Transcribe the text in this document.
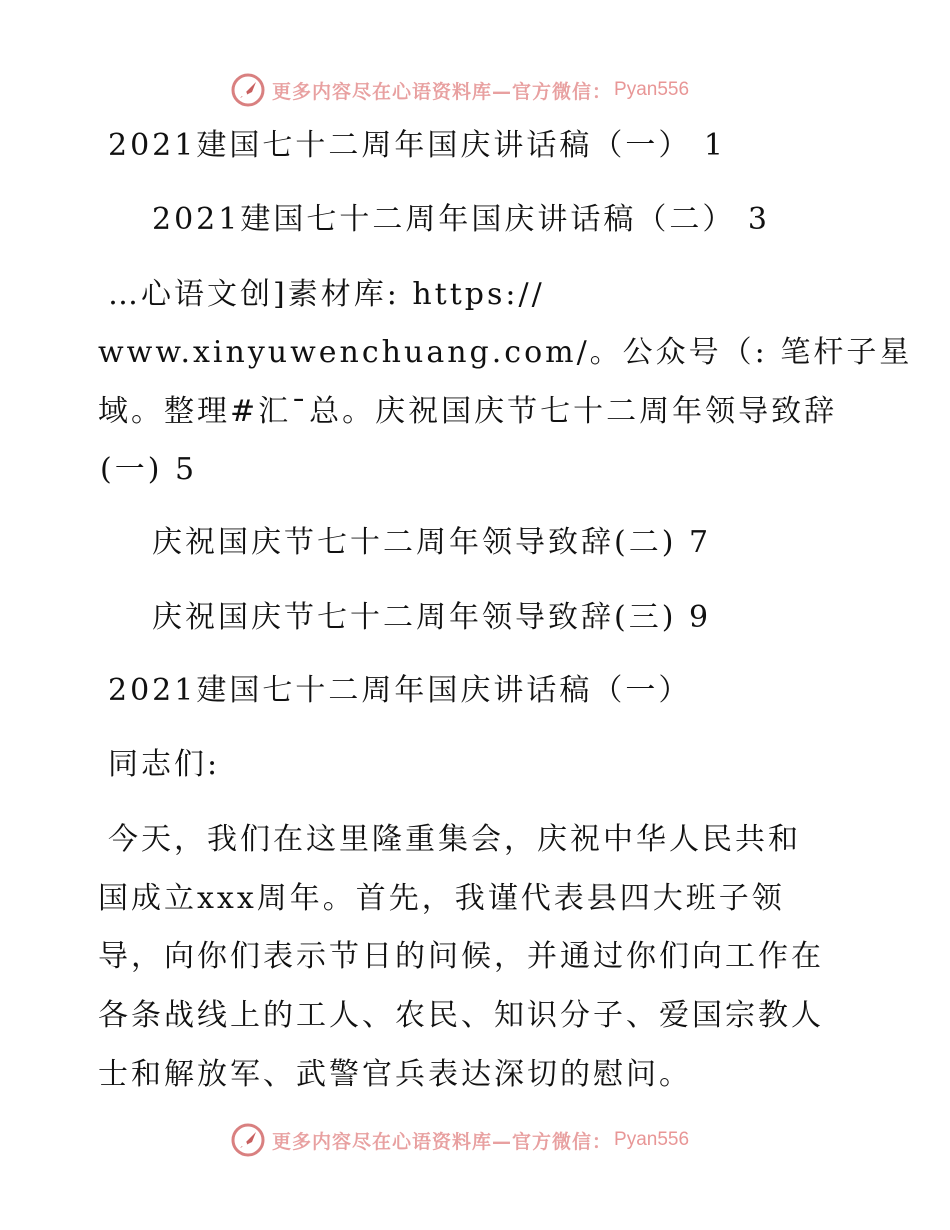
更多内容尽在心语资料库—官方微信： Pyan556
2021建国七十二周年国庆讲话稿（一） 1
2021建国七十二周年国庆讲话稿（二） 3
…心语文创]素材库: https://
www.xinyuwenchuang.com/。公众号（: 笔杆子星
域。整理#汇¯总。庆祝国庆节七十二周年领导致辞
(一) 5
庆祝国庆节七十二周年领导致辞(二) 7
庆祝国庆节七十二周年领导致辞(三) 9
2021建国七十二周年国庆讲话稿（一）
同志们:
今天，我们在这里隆重集会，庆祝中华人民共和
国成立xxx周年。首先，我谨代表县四大班子领
导，向你们表示节日的问候，并通过你们向工作在
各条战线上的工人、农民、知识分子、爱国宗教人
士和解放军、武警官兵表达深切的慰问。
更多内容尽在心语资料库—官方微信： Pyan556
